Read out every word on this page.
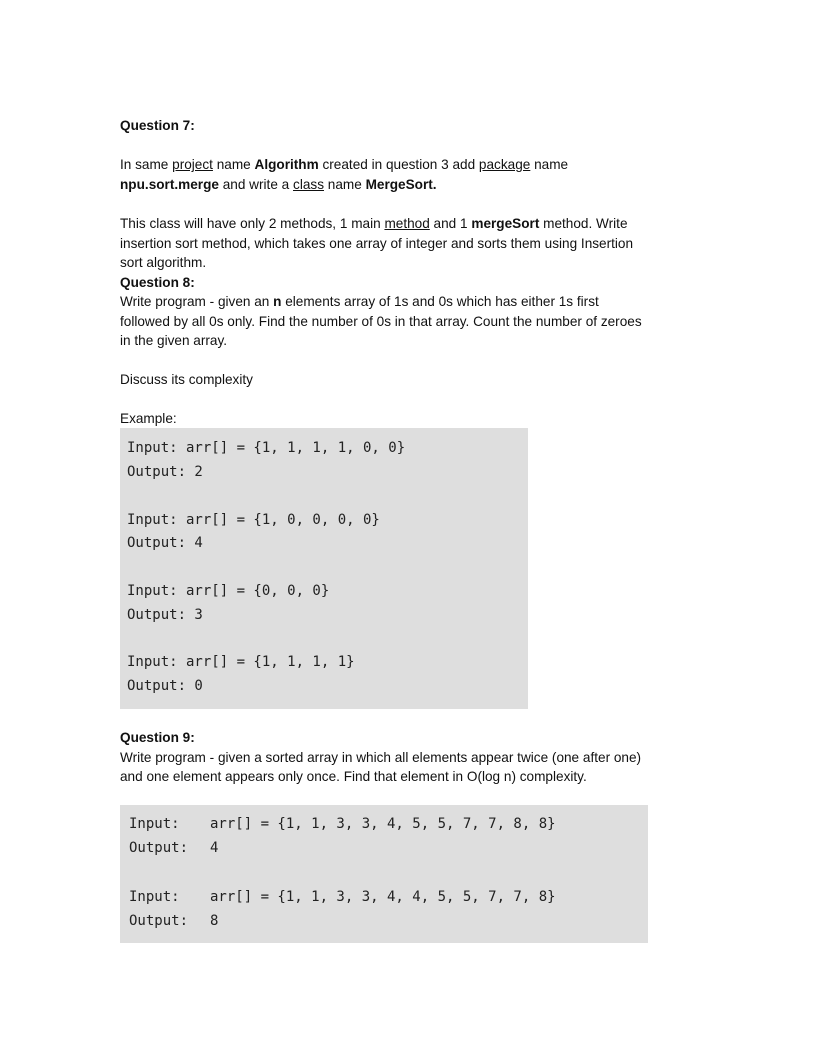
Question 7:
In same project name Algorithm created in question 3 add package name
npu.sort.merge and write a class name MergeSort.
This class will have only 2 methods, 1 main method and 1 mergeSort method. Write
insertion sort method, which takes one array of integer and sorts them using Insertion
sort algorithm.
Question 8:
Write program - given an n elements array of 1s and 0s which has either 1s first
followed by all 0s only. Find the number of 0s in that array. Count the number of zeroes
in the given array.
Discuss its complexity
Example:
Input: arr[] = {1, 1, 1, 1, 0, 0}
Output: 2
Input: arr[] = {1, 0, 0, 0, 0}
Output: 4
Input: arr[] = {0, 0, 0}
Output: 3
Input: arr[] = {1, 1, 1, 1}
Output: 0
Question 9:
Write program - given a sorted array in which all elements appear twice (one after one)
and one element appears only once. Find that element in O(log n) complexity.
Input: arr[] = {1, 1, 3, 3, 4, 5, 5, 7, 7, 8, 8}
Output: 4
Input: arr[] = {1, 1, 3, 3, 4, 4, 5, 5, 7, 7, 8}
Output: 8
